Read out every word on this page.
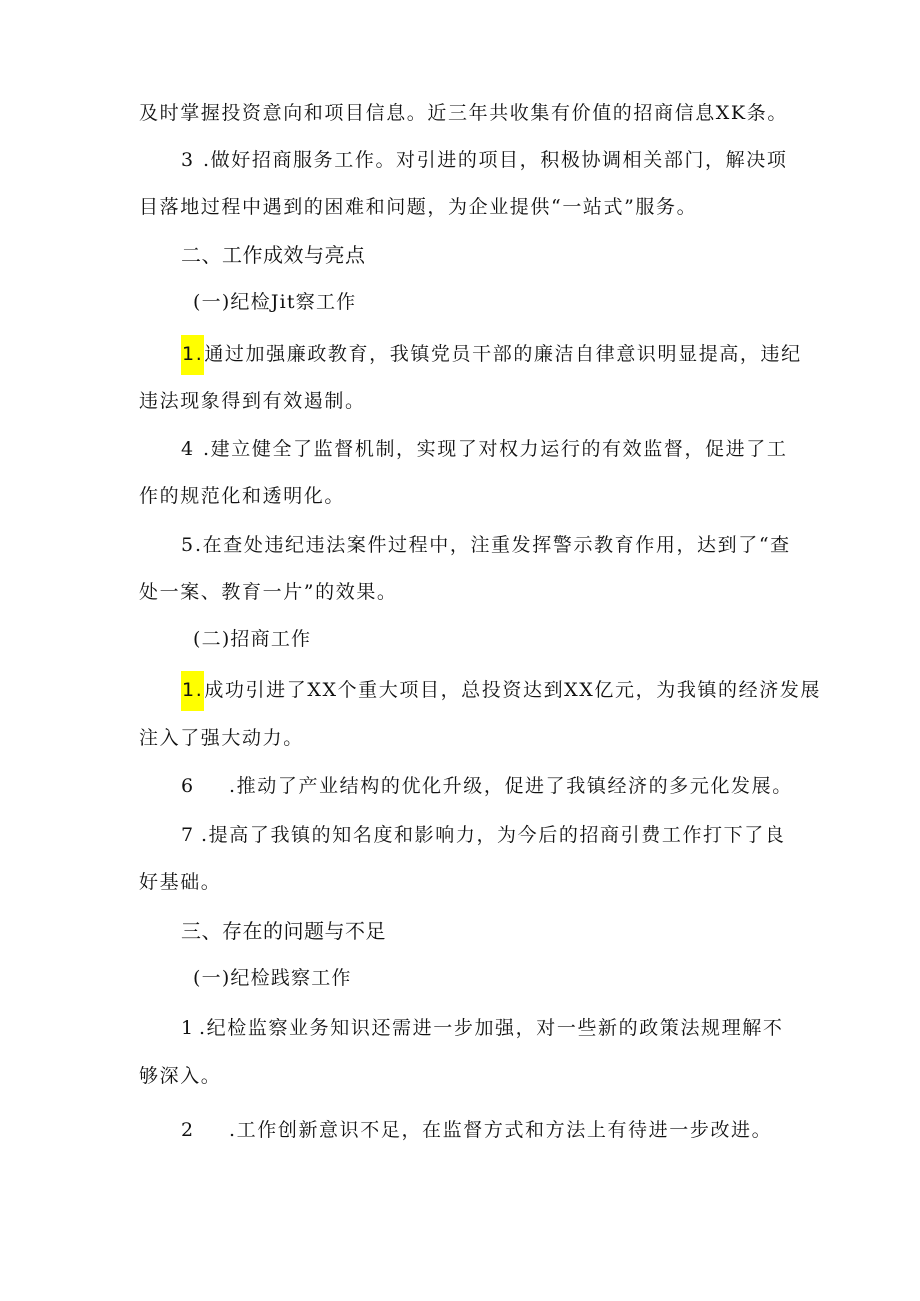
及时掌握投资意向和项目信息。近三年共收集有价值的招商信息XK条。
3 .做好招商服务工作。对引进的项目，积极协调相关部门，解决项
目落地过程中遇到的困难和问题，为企业提供“一站式”服务。
二、工作成效与亮点
(一)纪检Jit察工作
1.通过加强廉政教育，我镇党员干部的廉洁自律意识明显提高，违纪
违法现象得到有效遏制。
4 .建立健全了监督机制，实现了对权力运行的有效监督，促进了工
作的规范化和透明化。
5.在查处违纪违法案件过程中，注重发挥警示教育作用，达到了“查
处一案、教育一片”的效果。
(二)招商工作
1.成功引进了XX个重大项目，总投资达到XX亿元，为我镇的经济发展
注入了强大动力。
6 .推动了产业结构的优化升级，促进了我镇经济的多元化发展。
7 .提高了我镇的知名度和影响力，为今后的招商引费工作打下了良
好基础。
三、存在的问题与不足
(一)纪检践察工作
1 .纪检监察业务知识还需进一步加强，对一些新的政策法规理解不
够深入。
2 .工作创新意识不足，在监督方式和方法上有待进一步改进。
